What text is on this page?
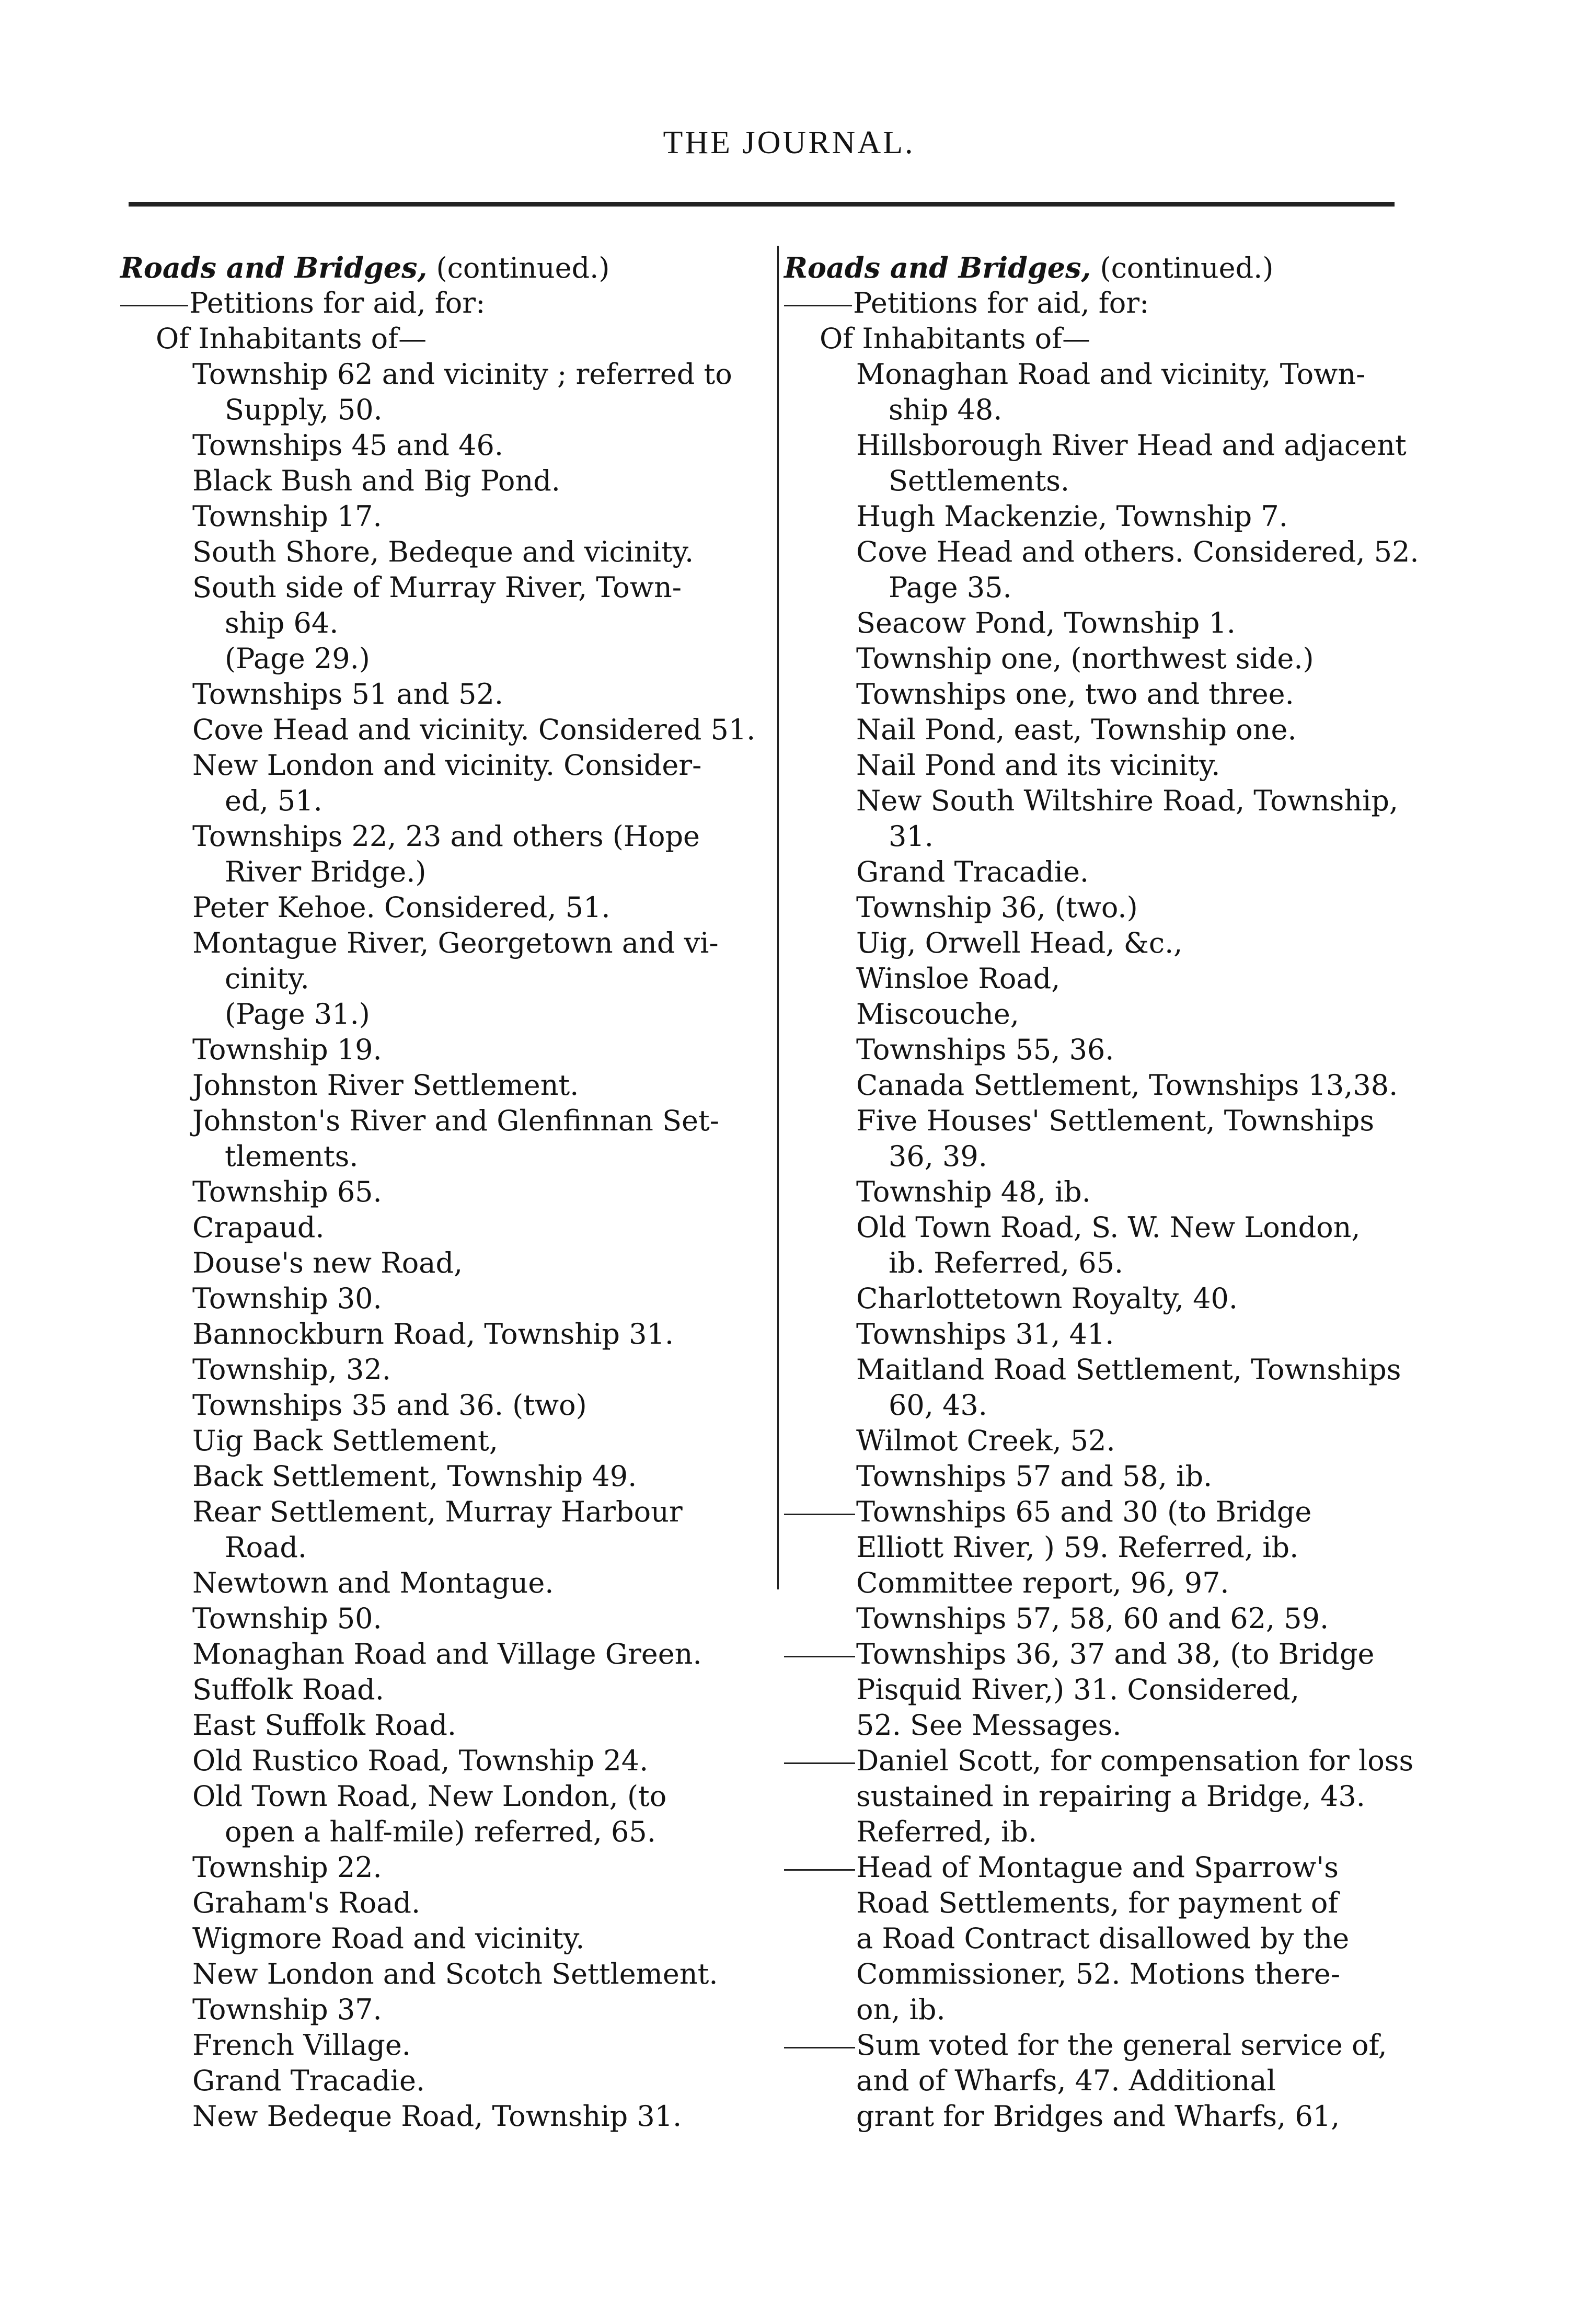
THE JOURNAL.
Roads and Bridges, (continued.)
Petitions for aid, for:
Of Inhabitants of—
Township 62 and vicinity ; referred to
Supply, 50.
Townships 45 and 46.
Black Bush and Big Pond.
Township 17.
South Shore, Bedeque and vicinity.
South side of Murray River, Town-
ship 64.
(Page 29.)
Townships 51 and 52.
Cove Head and vicinity. Considered 51.
New London and vicinity. Consider-
ed, 51.
Townships 22, 23 and others (Hope
River Bridge.)
Peter Kehoe. Considered, 51.
Montague River, Georgetown and vi-
cinity.
(Page 31.)
Township 19.
Johnston River Settlement.
Johnston's River and Glenfinnan Set-
tlements.
Township 65.
Crapaud.
Douse's new Road,
Township 30.
Bannockburn Road, Township 31.
Township, 32.
Townships 35 and 36. (two)
Uig Back Settlement,
Back Settlement, Township 49.
Rear Settlement, Murray Harbour
Road.
Newtown and Montague.
Township 50.
Monaghan Road and Village Green.
Suffolk Road.
East Suffolk Road.
Old Rustico Road, Township 24.
Old Town Road, New London, (to
open a half-mile) referred, 65.
Township 22.
Graham's Road.
Wigmore Road and vicinity.
New London and Scotch Settlement.
Township 37.
French Village.
Grand Tracadie.
New Bedeque Road, Township 31.
Roads and Bridges, (continued.)
Petitions for aid, for:
Of Inhabitants of—
Monaghan Road and vicinity, Town-
ship 48.
Hillsborough River Head and adjacent
Settlements.
Hugh Mackenzie, Township 7.
Cove Head and others. Considered, 52.
Page 35.
Seacow Pond, Township 1.
Township one, (northwest side.)
Townships one, two and three.
Nail Pond, east, Township one.
Nail Pond and its vicinity.
New South Wiltshire Road, Township,
31.
Grand Tracadie.
Township 36, (two.)
Uig, Orwell Head, &c.,
Winsloe Road,
Miscouche,
Townships 55, 36.
Canada Settlement, Townships 13,38.
Five Houses' Settlement, Townships
36, 39.
Township 48, ib.
Old Town Road, S. W. New London,
ib. Referred, 65.
Charlottetown Royalty, 40.
Townships 31, 41.
Maitland Road Settlement, Townships
60, 43.
Wilmot Creek, 52.
Townships 57 and 58, ib.
Townships 65 and 30 (to Bridge
Elliott River, ) 59. Referred, ib.
Committee report, 96, 97.
Townships 57, 58, 60 and 62, 59.
Townships 36, 37 and 38, (to Bridge
Pisquid River,) 31. Considered,
52. See Messages.
Daniel Scott, for compensation for loss
sustained in repairing a Bridge, 43.
Referred, ib.
Head of Montague and Sparrow's
Road Settlements, for payment of
a Road Contract disallowed by the
Commissioner, 52. Motions there-
on, ib.
Sum voted for the general service of,
and of Wharfs, 47. Additional
grant for Bridges and Wharfs, 61,
